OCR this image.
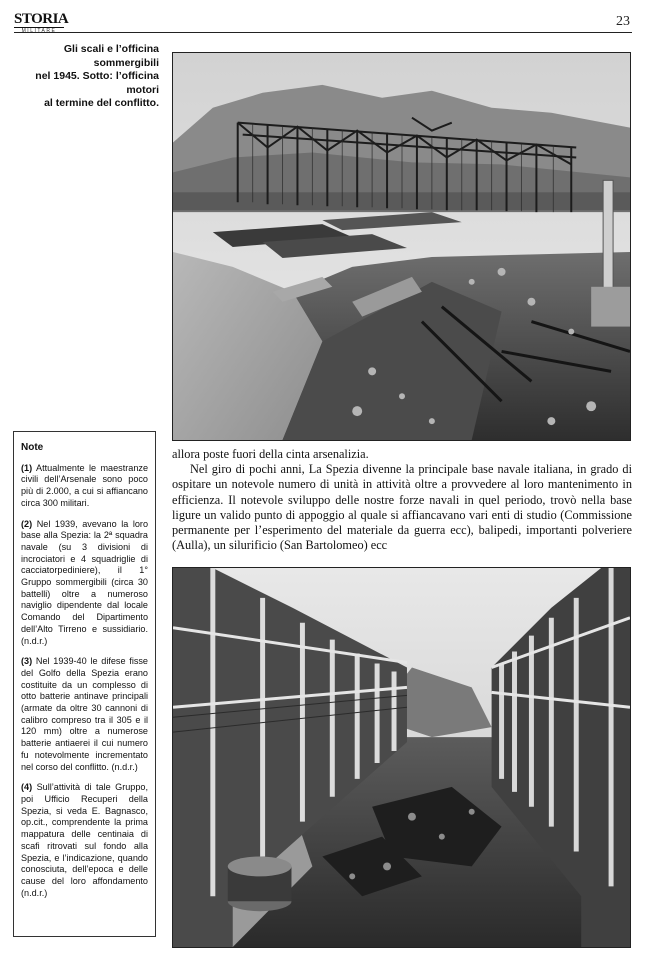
STORIA
MILITARE
23
Gli scali e l’officina sommergibili
nel 1945. Sotto: l’officina motori
al termine del conflitto.

allora poste fuori della cinta arsenalizia.

Nel giro di pochi anni, La Spezia divenne la principale base navale italiana, in grado di ospitare un notevole numero di unità in attività oltre a provvedere al loro mantenimento in efficienza. Il notevole sviluppo delle nostre forze navali in quel periodo, trovò nella base ligure un valido punto di appoggio al quale si affiancavano vari enti di studio (Commissione permanente per l’esperimento del materiale da guerra ecc), balipedi, importanti polveriere (Aulla), un silurificio (San Bartolomeo) ecc

Note
(1) Attualmente le maestranze civili dell’Arsenale sono poco più di 2.000, a cui si affiancano circa 300 militari.
(2) Nel 1939, avevano la loro base alla Spezia: la 2ª squadra navale (su 3 divisioni di incrociatori e 4 squadriglie di cacciatorpediniere), il 1° Gruppo sommergibili (circa 30 battelli) oltre a numeroso naviglio dipendente dal locale Comando del Dipartimento dell’Alto Tirreno e sussidiario. (n.d.r.)
(3) Nel 1939-40 le difese fisse del Golfo della Spezia erano costituite da un complesso di otto batterie antinave principali (armate da oltre 30 cannoni di calibro compreso tra il 305 e il 120 mm) oltre a numerose batterie antiaerei il cui numero fu notevolmente incrementato nel corso del conflitto. (n.d.r.)
(4) Sull’attività di tale Gruppo, poi Ufficio Recuperi della Spezia, si veda E. Bagnasco, op.cit., comprendente la prima mappatura delle centinaia di scafi ritrovati sul fondo alla Spezia, e l’indicazione, quando conosciuta, dell’epoca e delle cause del loro affondamento (n.d.r.)
